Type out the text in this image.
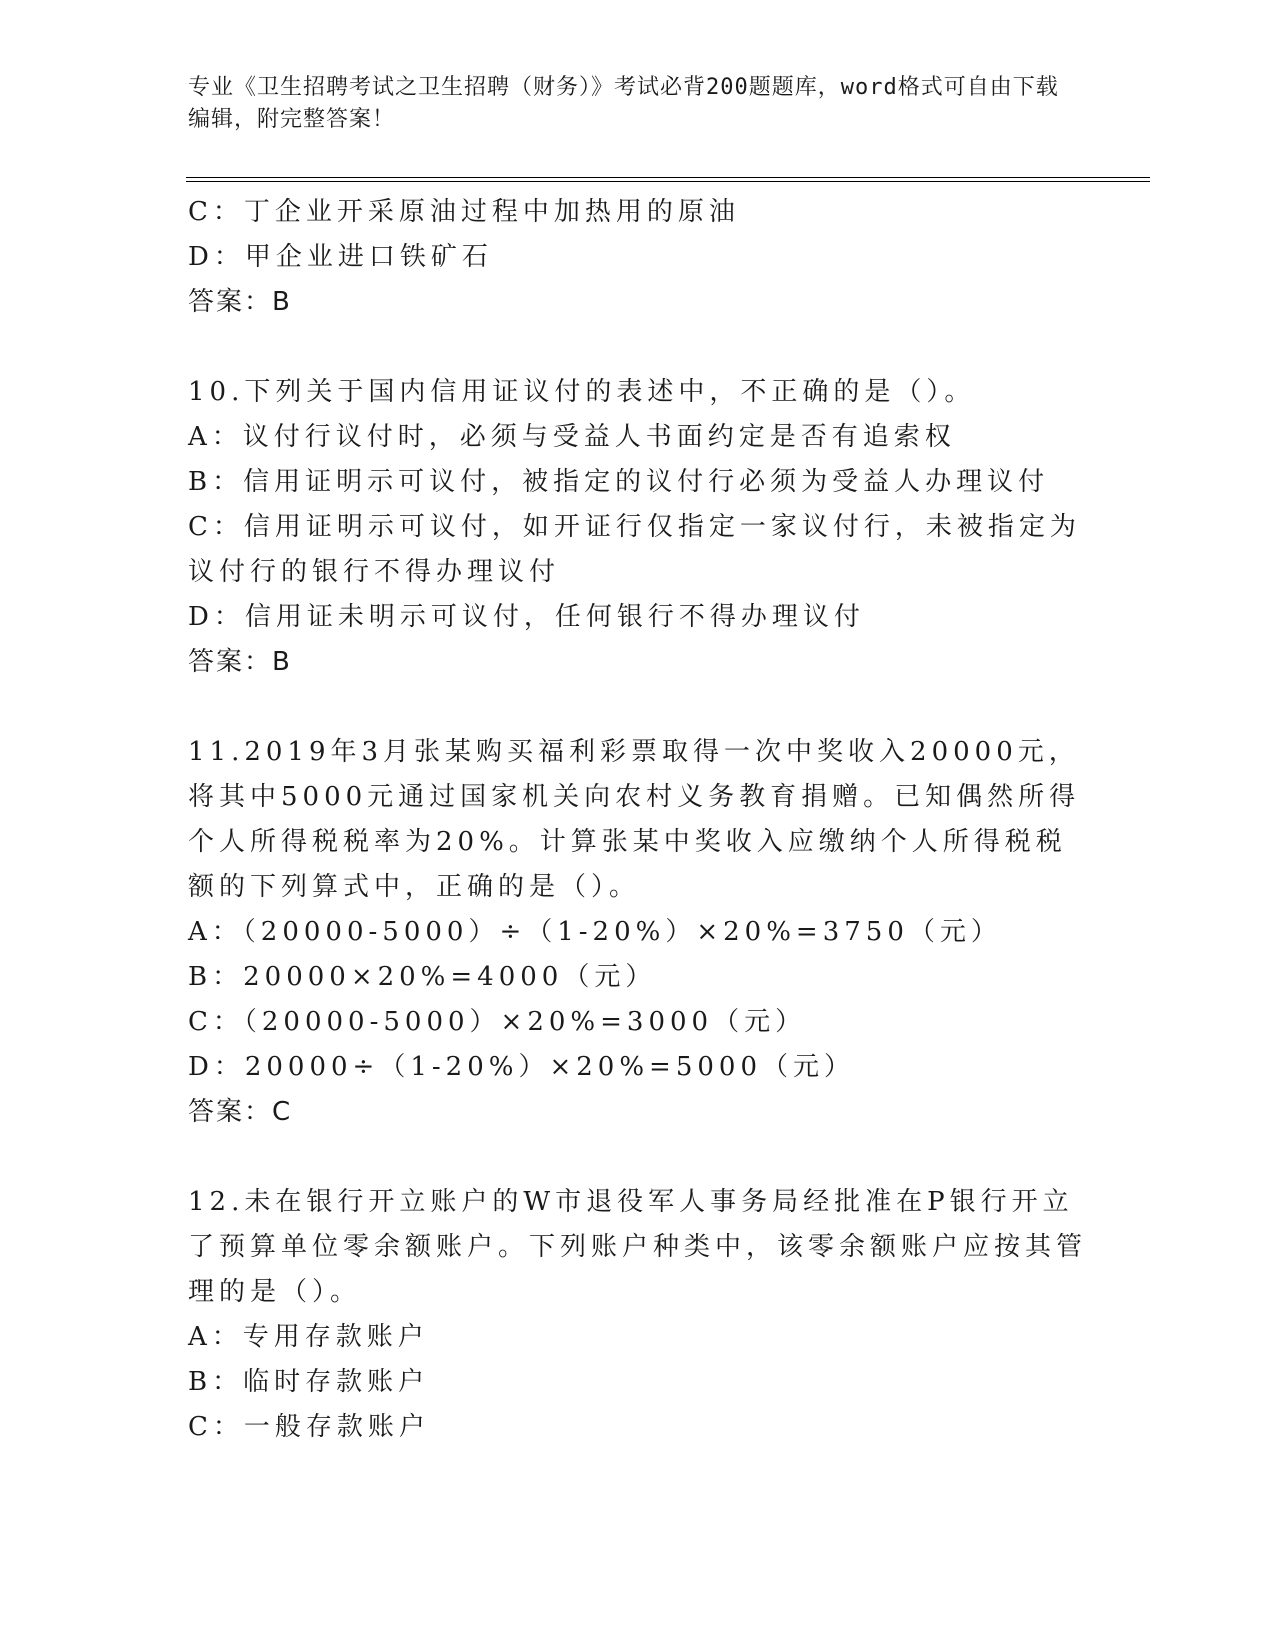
专业《卫生招聘考试之卫生招聘（财务）》考试必背200题题库，word格式可自由下载编辑，附完整答案！

C：丁企业开采原油过程中加热用的原油

D：甲企业进口铁矿石

答案：B

10.下列关于国内信用证议付的表述中，不正确的是（）。

A：议付行议付时，必须与受益人书面约定是否有追索权

B：信用证明示可议付，被指定的议付行必须为受益人办理议付

C：信用证明示可议付，如开证行仅指定一家议付行，未被指定为议付行的银行不得办理议付

D：信用证未明示可议付，任何银行不得办理议付

答案：B

11.2019年3月张某购买福利彩票取得一次中奖收入20000元，将其中5000元通过国家机关向农村义务教育捐赠。已知偶然所得个人所得税税率为20%。计算张某中奖收入应缴纳个人所得税税额的下列算式中，正确的是（）。

A：（20000-5000）÷（1-20%）×20%=3750（元）

B：20000×20%=4000（元）

C：（20000-5000）×20%=3000（元）

D：20000÷（1-20%）×20%=5000（元）

答案：C

12.未在银行开立账户的W市退役军人事务局经批准在P银行开立了预算单位零余额账户。下列账户种类中，该零余额账户应按其管理的是（）。

A：专用存款账户

B：临时存款账户

C：一般存款账户
